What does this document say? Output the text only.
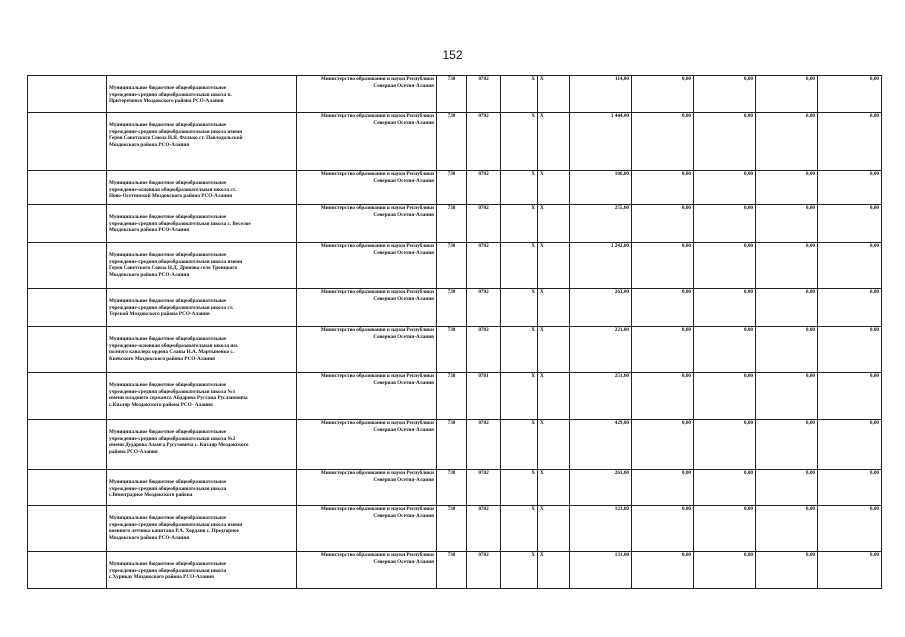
152

	Муниципальное бюджетное общеобразовательное
учреждение-средняя общеобразовательная школа п.
Притеречного Моздокского района РСО-Алания	Министерство образования и науки Республики
Северная Осетия-Алания	738	0702	X	X	114,00	0,00	0,00	0,00	0,00

	Муниципальное бюджетное общеобразовательное
учреждение-средняя общеобразовательная школа имени
Героя Советского Союза Н.Я. Фалько ст. Павлодольской
Моздокского района РСО-Алания	Министерство образования и науки Республики
Северная Осетия-Алания	738	0702	X	X	1 444,00	0,00	0,00	0,00	0,00

	Муниципальное бюджетное общеобразовательное
учреждение-основная общеобразовательная школа ст.
Ново-Осетинской Моздокского района РСО-Алания	Министерство образования и науки Республики
Северная Осетия-Алания	738	0702	X	X	106,00	0,00	0,00	0,00	0,00

	Муниципальное бюджетное общеобразовательное
учреждение-средняя общеобразовательная школа с. Веселое
Моздокского района РСО-Алания	Министерство образования и науки Республики
Северная Осетия-Алания	738	0702	X	X	255,00	0,00	0,00	0,00	0,00

	Муниципальное бюджетное общеобразовательное
учреждение-средняя общеобразовательная школа имени
Героя Советского Союза Н.Д. Дронова село Троицкого
Моздокского района РСО-Алания	Министерство образования и науки Республики
Северная Осетия-Алания	738	0702	X	X	1 242,00	0,00	0,00	0,00	0,00

	Муниципальное бюджетное общеобразовательное
учреждение-средняя общеобразовательная школа ст.
Терской Моздокского района РСО-Алания	Министерство образования и науки Республики
Северная Осетия-Алания	738	0702	X	X	263,00	0,00	0,00	0,00	0,00

	Муниципальное бюджетное общеобразовательное
учреждение-основная общеобразовательная школа им.
полного кавалера ордена Славы Н.А. Мартыненко с.
Киевского Моздокского района РСО-Алания	Министерство образования и науки Республики
Северная Осетия-Алания	738	0702	X	X	221,00	0,00	0,00	0,00	0,00

	Муниципальное бюджетное общеобразовательное
учреждение-средняя общеобразовательная школа №1
имени младшего сержанта Айдарова Рустама Руслановича
с.Кизляр Моздокского района РСО- Алания	Министерство образования и науки Республики
Северная Осетия-Алания	738	0701	X	X	251,00	0,00	0,00	0,00	0,00

	Муниципальное бюджетное общеобразовательное
учреждение-средняя общеобразовательная школа №2
имени Дударова Азамга Русуловича с. Кизляр Моздокского
района РСО-Алания	Министерство образования и науки Республики
Северная Осетия-Алания	738	0702	X	X	429,00	0,00	0,00	0,00	0,00

	Муниципальное бюджетное общеобразовательное
учреждение-средняя общеобразовательная школа
с.Виноградное Моздокского района	Министерство образования и науки Республики
Северная Осетия-Алания	738	0702	X	X	261,00	0,00	0,00	0,00	0,00

	Муниципальное бюджетное общеобразовательное
учреждение-средняя общеобразовательная школа имени
военного летчика капитана Р.А. Хорданя с. Предгорное
Моздокского района РСО-Алания	Министерство образования и науки Республики
Северная Осетия-Алания	738	0702	X	X	123,00	0,00	0,00	0,00	0,00

	Муниципальное бюджетное общеобразовательное
учреждение-средняя общеобразовательная школа
с.Хурикау Моздокского района РСО-Алания	Министерство образования и науки Республики
Северная Осетия-Алания	738	0702	X	X	131,00	0,00	0,00	0,00	0,00
